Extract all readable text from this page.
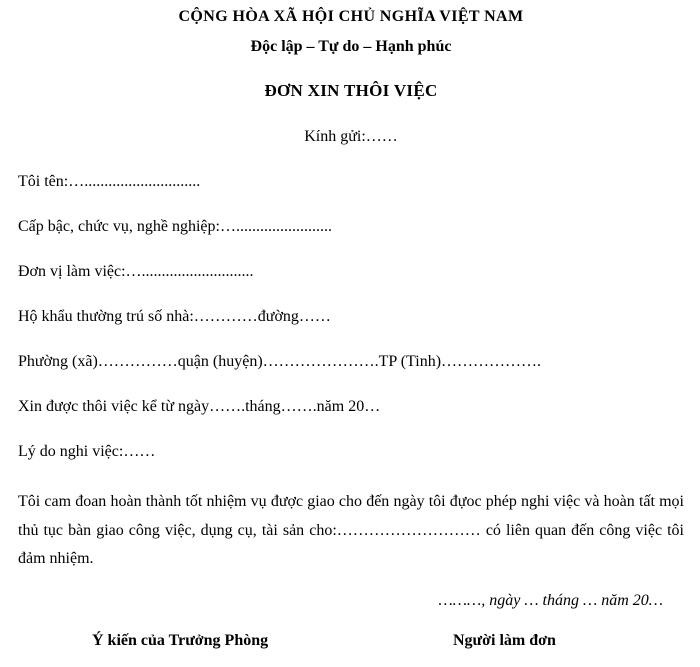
CỘNG HÒA XÃ HỘI CHỦ NGHĨA VIỆT NAM
Độc lập – Tự do – Hạnh phúc
ĐƠN XIN THÔI VIỆC
Kính gửi:……
Tôi tên:….............................
Cấp bậc, chức vụ, nghề nghiệp:…........................
Đơn vị làm việc:…............................
Hộ khẩu thường trú số nhà:…………đường……
Phường (xã)……………quận (huyện)………………….TP (Tinh)……………….
Xin được thôi việc kể từ ngày…….tháng…….năm 20…
Lý do nghi việc:……
Tôi cam đoan hoàn thành tốt nhiệm vụ được giao cho đến ngày tôi đựoc phép nghi việc và hoàn tất mọi thủ tục bàn giao công việc, dụng cụ, tài sản cho:……………………… có liên quan đến công việc tôi đảm nhiệm.
………, ngày … tháng … năm 20…
Ý kiến của Trưởng Phòng	Người làm đơn
